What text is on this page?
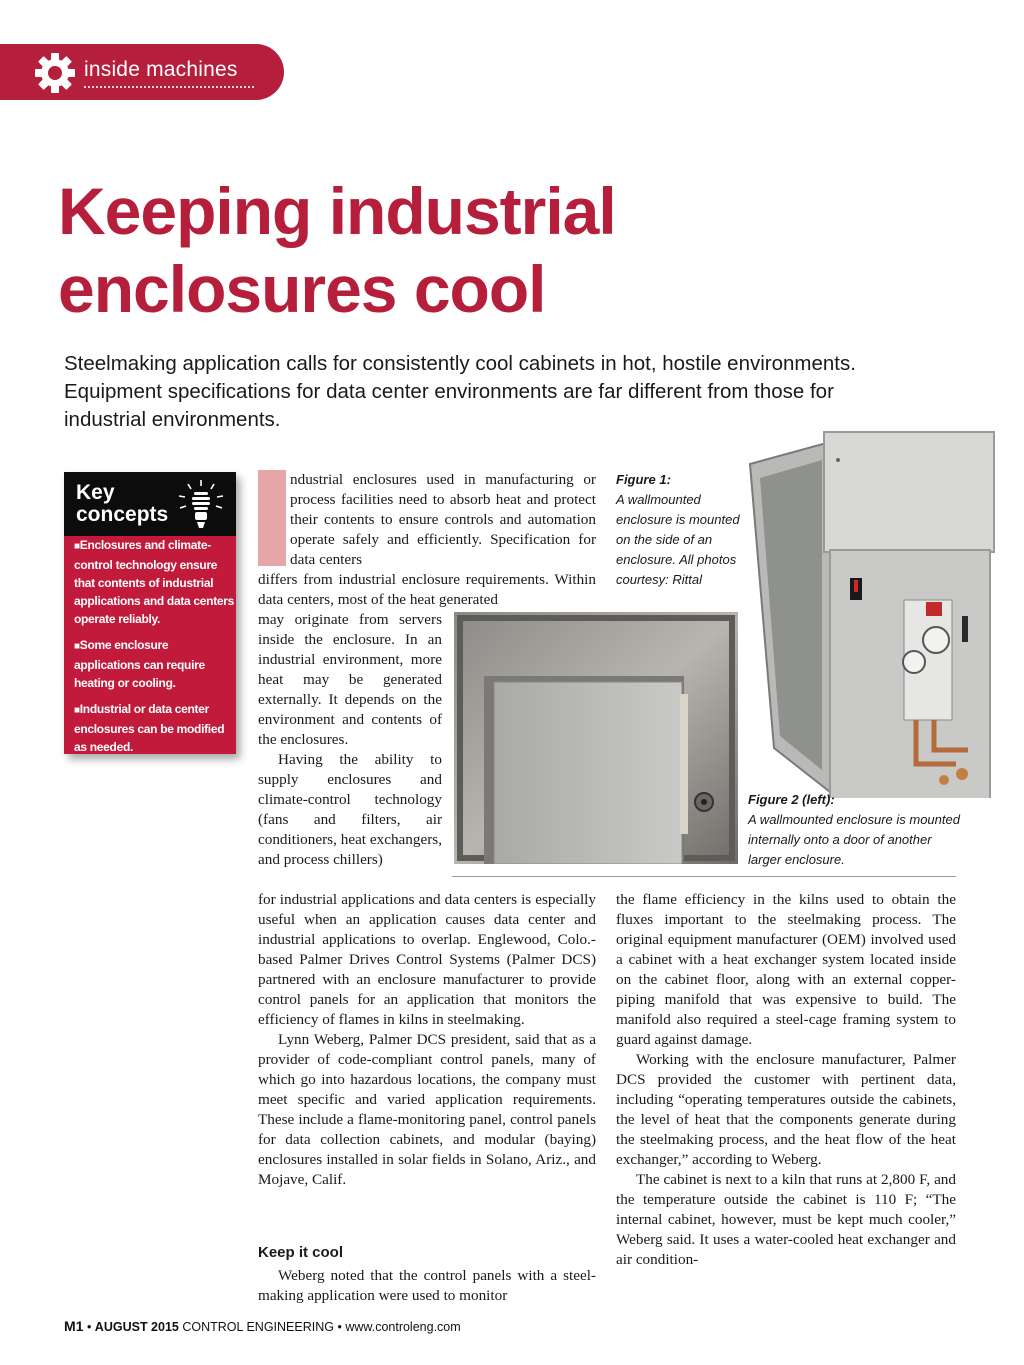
inside machines
Keeping industrial
enclosures cool
Steelmaking application calls for consistently cool cabinets in hot, hostile environments. Equipment specifications for data center environments are far different from those for industrial environments.
Key
concepts

■ Enclosures and climate-control technology ensure that contents of industrial applications and data centers operate reliably.

■ Some enclosure applications can require heating or cooling.

■ Industrial or data center enclosures can be modified as needed.

ndustrial enclosures used in manufacturing or process facilities need to absorb heat and protect their contents to ensure controls and automation operate safely and efficiently. Specification for data centers

differs from industrial enclosure requirements. Within data centers, most of the heat generated

may originate from servers inside the enclosure. In an industrial environment, more heat may be generated externally. It depends on the environment and contents of the enclosures.

Having the ability to supply enclosures and climate-control technology (fans and filters, air conditioners, heat exchangers, and process chillers)

for industrial applications and data centers is especially useful when an application causes data center and industrial applications to overlap. Englewood, Colo.-based Palmer Drives Control Systems (Palmer DCS) partnered with an enclosure manufacturer to provide control panels for an application that monitors the efficiency of flames in kilns in steelmaking.

Lynn Weberg, Palmer DCS president, said that as a provider of code-compliant control panels, many of which go into hazardous locations, the company must meet specific and varied application requirements. These include a flame-monitoring panel, control panels for data collection cabinets, and modular (baying) enclosures installed in solar fields in Solano, Ariz., and Mojave, Calif.

Keep it cool

Weberg noted that the control panels with a steel-making application were used to monitor

the flame efficiency in the kilns used to obtain the fluxes important to the steelmaking process. The original equipment manufacturer (OEM) involved used a cabinet with a heat exchanger system located inside on the cabinet floor, along with an external copper-piping manifold that was expensive to build. The manifold also required a steel-cage framing system to guard against damage.

Working with the enclosure manufacturer, Palmer DCS provided the customer with pertinent data, including “operating temperatures outside the cabinets, the level of heat that the components generate during the steelmaking process, and the heat flow of the heat exchanger,” according to Weberg.

The cabinet is next to a kiln that runs at 2,800 F, and the temperature outside the cabinet is 110 F; “The internal cabinet, however, must be kept much cooler,” Weberg said. It uses a water-cooled heat exchanger and air condition-

Figure 1:
A wallmounted enclosure is mounted on the side of an enclosure. All photos courtesy: Rittal
Figure 2 (left):
A wallmounted enclosure is mounted internally onto a door of another larger enclosure.
M1 • AUGUST 2015 CONTROL ENGINEERING • www.controleng.com
